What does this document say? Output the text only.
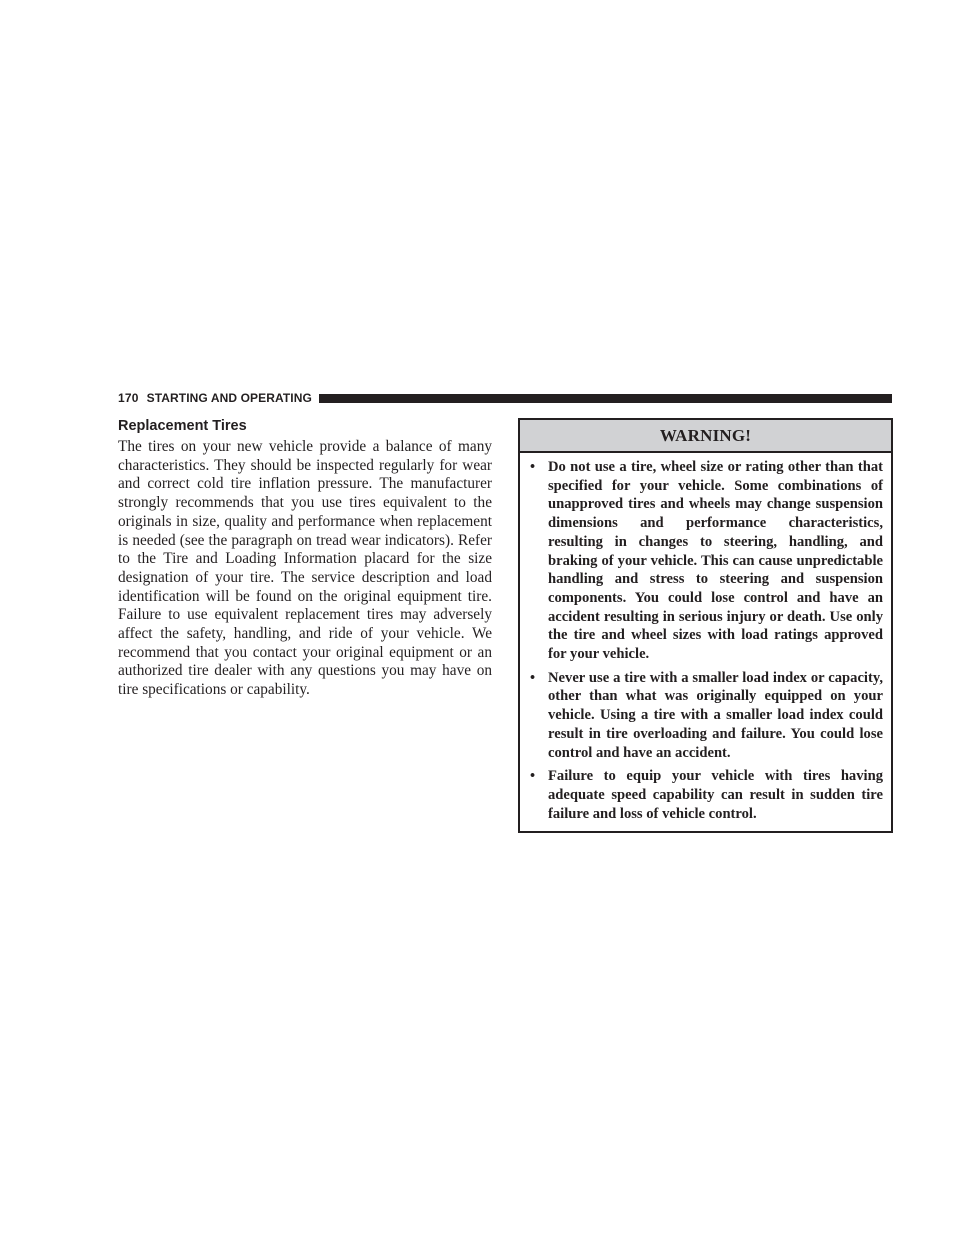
170 STARTING AND OPERATING
Replacement Tires

The tires on your new vehicle provide a balance of many characteristics. They should be inspected regularly for wear and correct cold tire inflation pressure. The manufacturer strongly recommends that you use tires equivalent to the originals in size, quality and performance when replacement is needed (see the paragraph on tread wear indicators). Refer to the Tire and Loading Information placard for the size designation of your tire. The service description and load identification will be found on the original equipment tire. Failure to use equivalent replacement tires may adversely affect the safety, handling, and ride of your vehicle. We recommend that you contact your original equipment or an authorized tire dealer with any questions you may have on tire specifications or capability.

WARNING!
• Do not use a tire, wheel size or rating other than that specified for your vehicle. Some combinations of unapproved tires and wheels may change suspension dimensions and performance characteristics, resulting in changes to steering, handling, and braking of your vehicle. This can cause unpredictable handling and stress to steering and suspension components. You could lose control and have an accident resulting in serious injury or death. Use only the tire and wheel sizes with load ratings approved for your vehicle.
• Never use a tire with a smaller load index or capacity, other than what was originally equipped on your vehicle. Using a tire with a smaller load index could result in tire overloading and failure. You could lose control and have an accident.
• Failure to equip your vehicle with tires having adequate speed capability can result in sudden tire failure and loss of vehicle control.
